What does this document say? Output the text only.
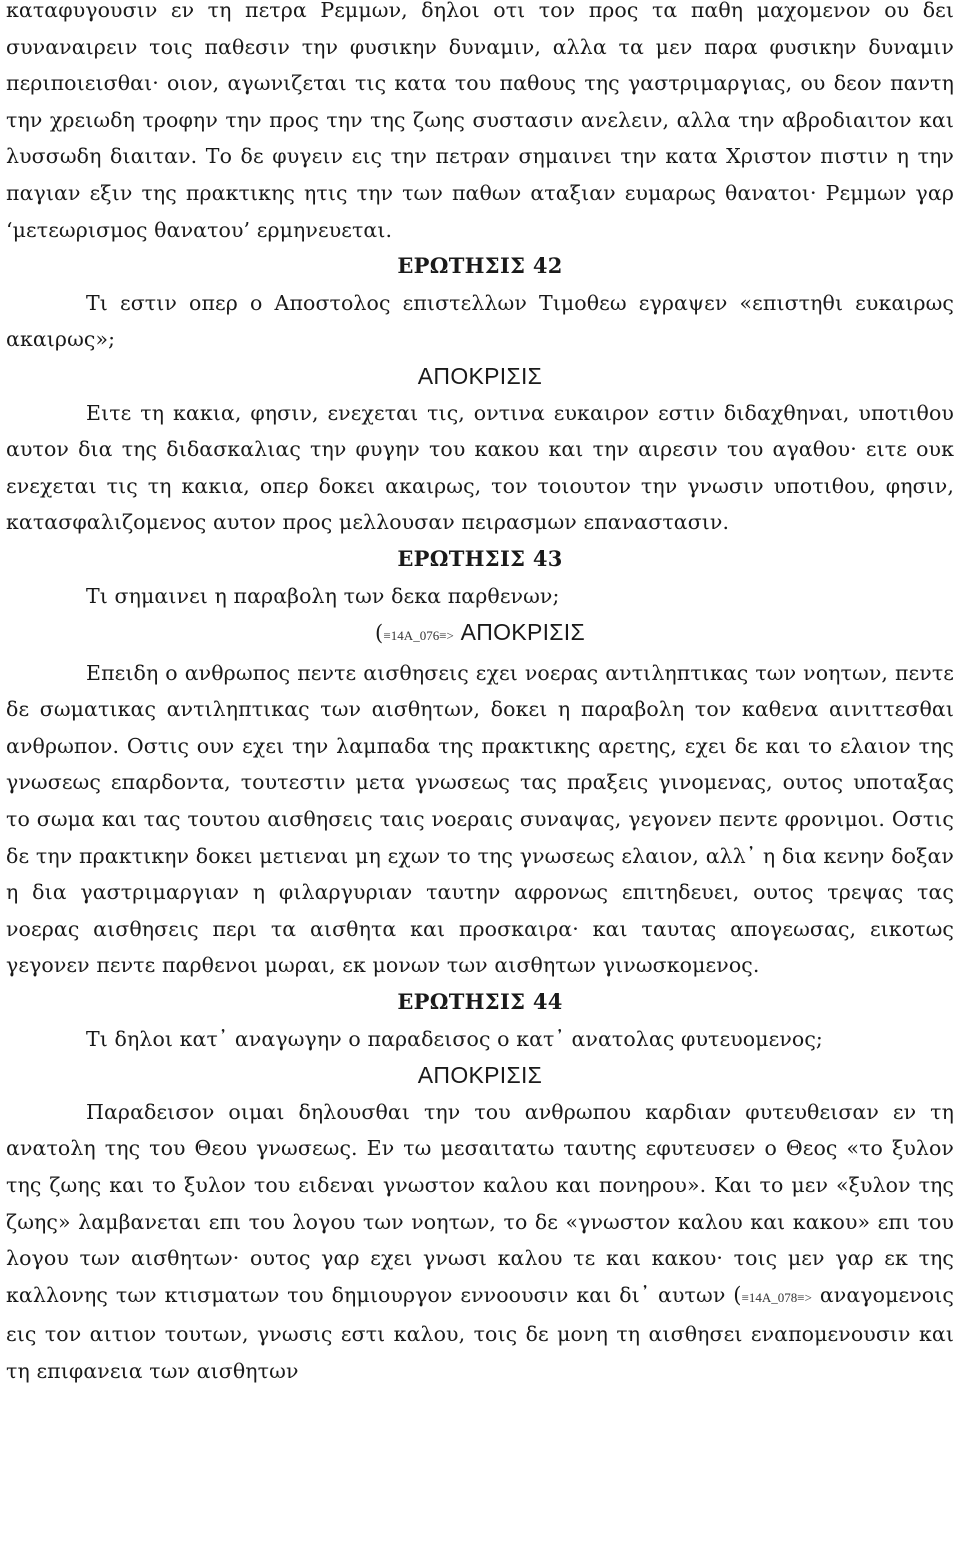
καταφυγουσιν εν τη πετρα Ρεμμων, δηλοι οτι τον προς τα παθη μαχομενον ου δει συναναιρειν τοις παθεσιν την φυσικην δυναμιν, αλλα τα μεν παρα φυσικην δυναμιν περιποιεισθαι· οιον, αγωνιζεται τις κατα του παθους της γαστριμαργιας, ου δεον παντη την χρειωδη τροφην την προς την της ζωης συστασιν ανελειν, αλλα την αβροδιαιτον και λυσσωδη διαιταν. Το δε φυγειν εις την πετραν σημαινει την κατα Χριστον πιστιν η την παγιαν εξιν της πρακτικης ητις την των παθων αταξιαν ευμαρως θανατοι· Ρεμμων γαρ ‘μετεωρισμος θανατου’ ερμηνευεται.

ΕΡΩΤΗΣΙΣ 42

Τι εστιν οπερ ο Αποστολος επιστελλων Τιμοθεω εγραψεν «επιστηθι ευκαιρως ακαιρως»;

ΑΠΟΚΡΙΣΙΣ

Ειτε τη κακια, φησιν, ενεχεται τις, οντινα ευκαιρον εστιν διδαχθηναι, υποτιθου αυτον δια της διδασκαλιας την φυγην του κακου και την αιρεσιν του αγαθου· ειτε ουκ ενεχεται τις τη κακια, οπερ δοκει ακαιρως, τον τοιουτον την γνωσιν υποτιθου, φησιν, κατασφαλιζομενος αυτον προς μελλουσαν πειρασμων επαναστασιν.

ΕΡΩΤΗΣΙΣ 43

Τι σημαινει η παραβολη των δεκα παρθενων;

(≡14A_076≡> ΑΠΟΚΡΙΣΙΣ

Επειδη ο ανθρωπος πεντε αισθησεις εχει νοερας αντιληπτικας των νοητων, πεντε δε σωματικας αντιληπτικας των αισθητων, δοκει η παραβολη τον καθενα αινιττεσθαι ανθρωπον. Οστις ουν εχει την λαμπαδα της πρακτικης αρετης, εχει δε και το ελαιον της γνωσεως επαρδοντα, τουτεστιν μετα γνωσεως τας πραξεις γινομενας, ουτος υποταξας το σωμα και τας τουτου αισθησεις ταις νοεραις συναψας, γεγονεν πεντε φρονιμοι. Οστις δε την πρακτικην δοκει μετιεναι μη εχων το της γνωσεως ελαιον, αλλ᾽ η δια κενην δοξαν η δια γαστριμαργιαν η φιλαργυριαν ταυτην αφρονως επιτηδευει, ουτος τρεψας τας νοερας αισθησεις περι τα αισθητα και προσκαιρα· και ταυτας απογεωσας, εικοτως γεγονεν πεντε παρθενοι μωραι, εκ μονων των αισθητων γινωσκομενος.

ΕΡΩΤΗΣΙΣ 44

Τι δηλοι κατ᾽ αναγωγην ο παραδεισος ο κατ᾽ ανατολας φυτευομενος;

ΑΠΟΚΡΙΣΙΣ

Παραδεισον οιμαι δηλουσθαι την του ανθρωπου καρδιαν φυτευθεισαν εν τη ανατολη της του Θεου γνωσεως. Εν τω μεσαιτατω ταυτης εφυτευσεν ο Θεος «το ξυλον της ζωης και το ξυλον του ειδεναι γνωστον καλου και πονηρου». Και το μεν «ξυλον της ζωης» λαμβανεται επι του λογου των νοητων, το δε «γνωστον καλου και κακου» επι του λογου των αισθητων· ουτος γαρ εχει γνωσι καλου τε και κακου· τοις μεν γαρ εκ της καλλονης των κτισματων του δημιουργον εννοουσιν και δι᾽ αυτων (≡14A_078≡> αναγομενοις εις τον αιτιον τουτων, γνωσις εστι καλου, τοις δε μονη τη αισθησει εναπομενουσιν και τη επιφανεια των αισθητων
